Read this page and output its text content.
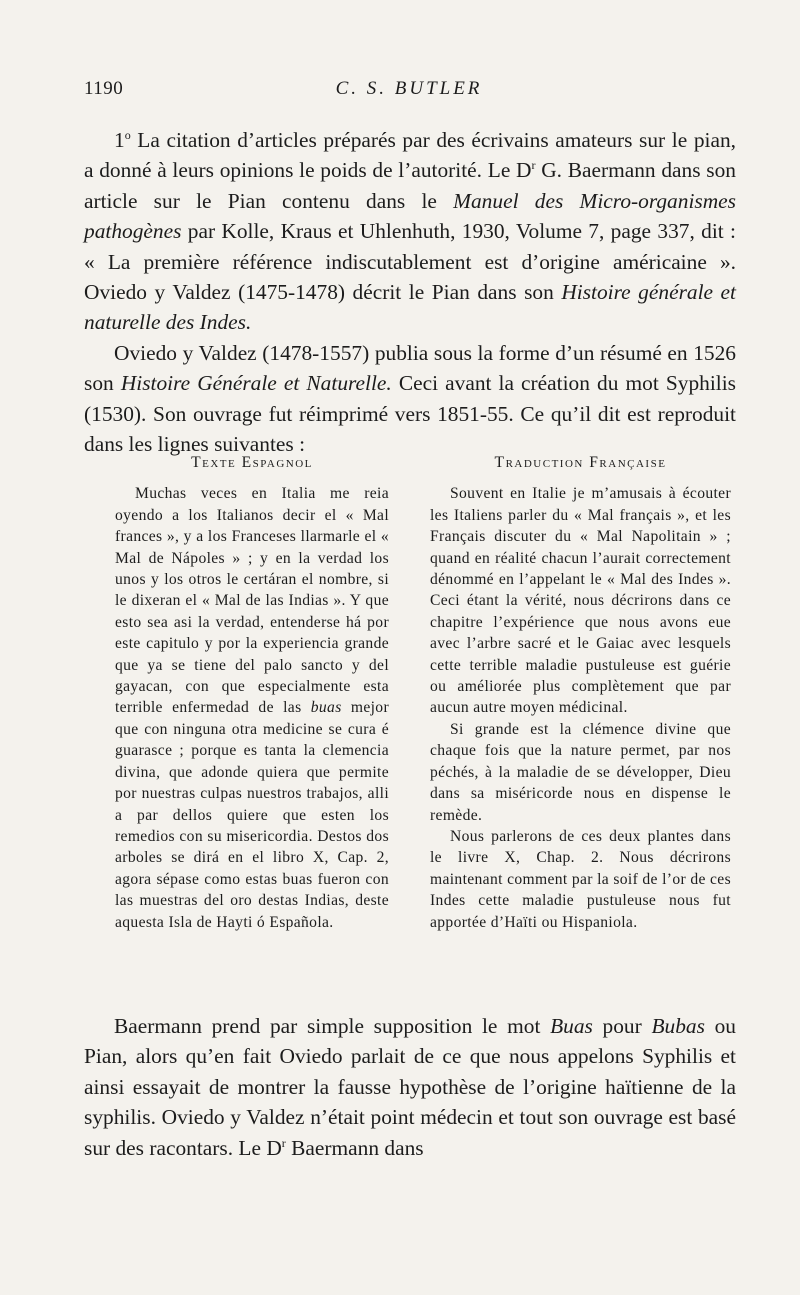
1190	C. S. BUTLER

1$^o$ La citation d’articles préparés par des écrivains amateurs sur le pian, a donné à leurs opinions le poids de l’autorité. Le $D^r$ G. Baermann dans son article sur le Pian contenu dans le Manuel des Micro-organismes pathogènes par Kolle, Kraus et Uhlenhuth, 1930, Volume 7, page 337, dit : « La première référence indiscutablement est d’origine américaine ». Oviedo y Valdez (1475-1478) décrit le Pian dans son Histoire générale et naturelle des Indes.

Oviedo y Valdez (1478-1557) publia sous la forme d’un résumé en 1526 son Histoire Générale et Naturelle. Ceci avant la création du mot Syphilis (1530). Son ouvrage fut réimprimé vers 1851-55. Ce qu’il dit est reproduit dans les lignes suivantes :

Texte Espagnol

Muchas veces en Italia me reia oyendo a los Italianos decir el « Mal frances », y a los Franceses llarmarle el « Mal de Nápoles » ; y en la verdad los unos y los otros le certáran el nombre, si le dixeran el « Mal de las Indias ». Y que esto sea asi la verdad, entenderse há por este capitulo y por la experiencia grande que ya se tiene del palo sancto y del gayacan, con que especialmente esta terrible enfermedad de las buas mejor que con ninguna otra medicine se cura é guarasce ; porque es tanta la clemencia divina, que adonde quiera que permite por nuestras culpas nuestros trabajos, alli a par dellos quiere que esten los remedios con su misericordia. Destos dos arboles se dirá en el libro X, Cap. 2, agora sépase como estas buas fueron con las muestras del oro destas Indias, deste aquesta Isla de Hayti ó Española.

Traduction Française

Souvent en Italie je m’amusais à écouter les Italiens parler du « Mal français », et les Français discuter du « Mal Napolitain » ; quand en réalité chacun l’aurait correctement dénommé en l’appelant le « Mal des Indes ». Ceci étant la vérité, nous décrirons dans ce chapitre l’expérience que nous avons eue avec l’arbre sacré et le Gaiac avec lesquels cette terrible maladie pustuleuse est guérie ou améliorée plus complètement que par aucun autre moyen médicinal.

Si grande est la clémence divine que chaque fois que la nature permet, par nos péchés, à la maladie de se développer, Dieu dans sa miséricorde nous en dispense le remède.

Nous parlerons de ces deux plantes dans le livre X, Chap. 2. Nous décrirons maintenant comment par la soif de l’or de ces Indes cette maladie pustuleuse nous fut apportée d’Haïti ou Hispaniola.

Baermann prend par simple supposition le mot Buas pour Bubas ou Pian, alors qu’en fait Oviedo parlait de ce que nous appelons Syphilis et ainsi essayait de montrer la fausse hypothèse de l’origine haïtienne de la syphilis. Oviedo y Valdez n’était point médecin et tout son ouvrage est basé sur des racontars. Le $D^r$ Baermann dans
